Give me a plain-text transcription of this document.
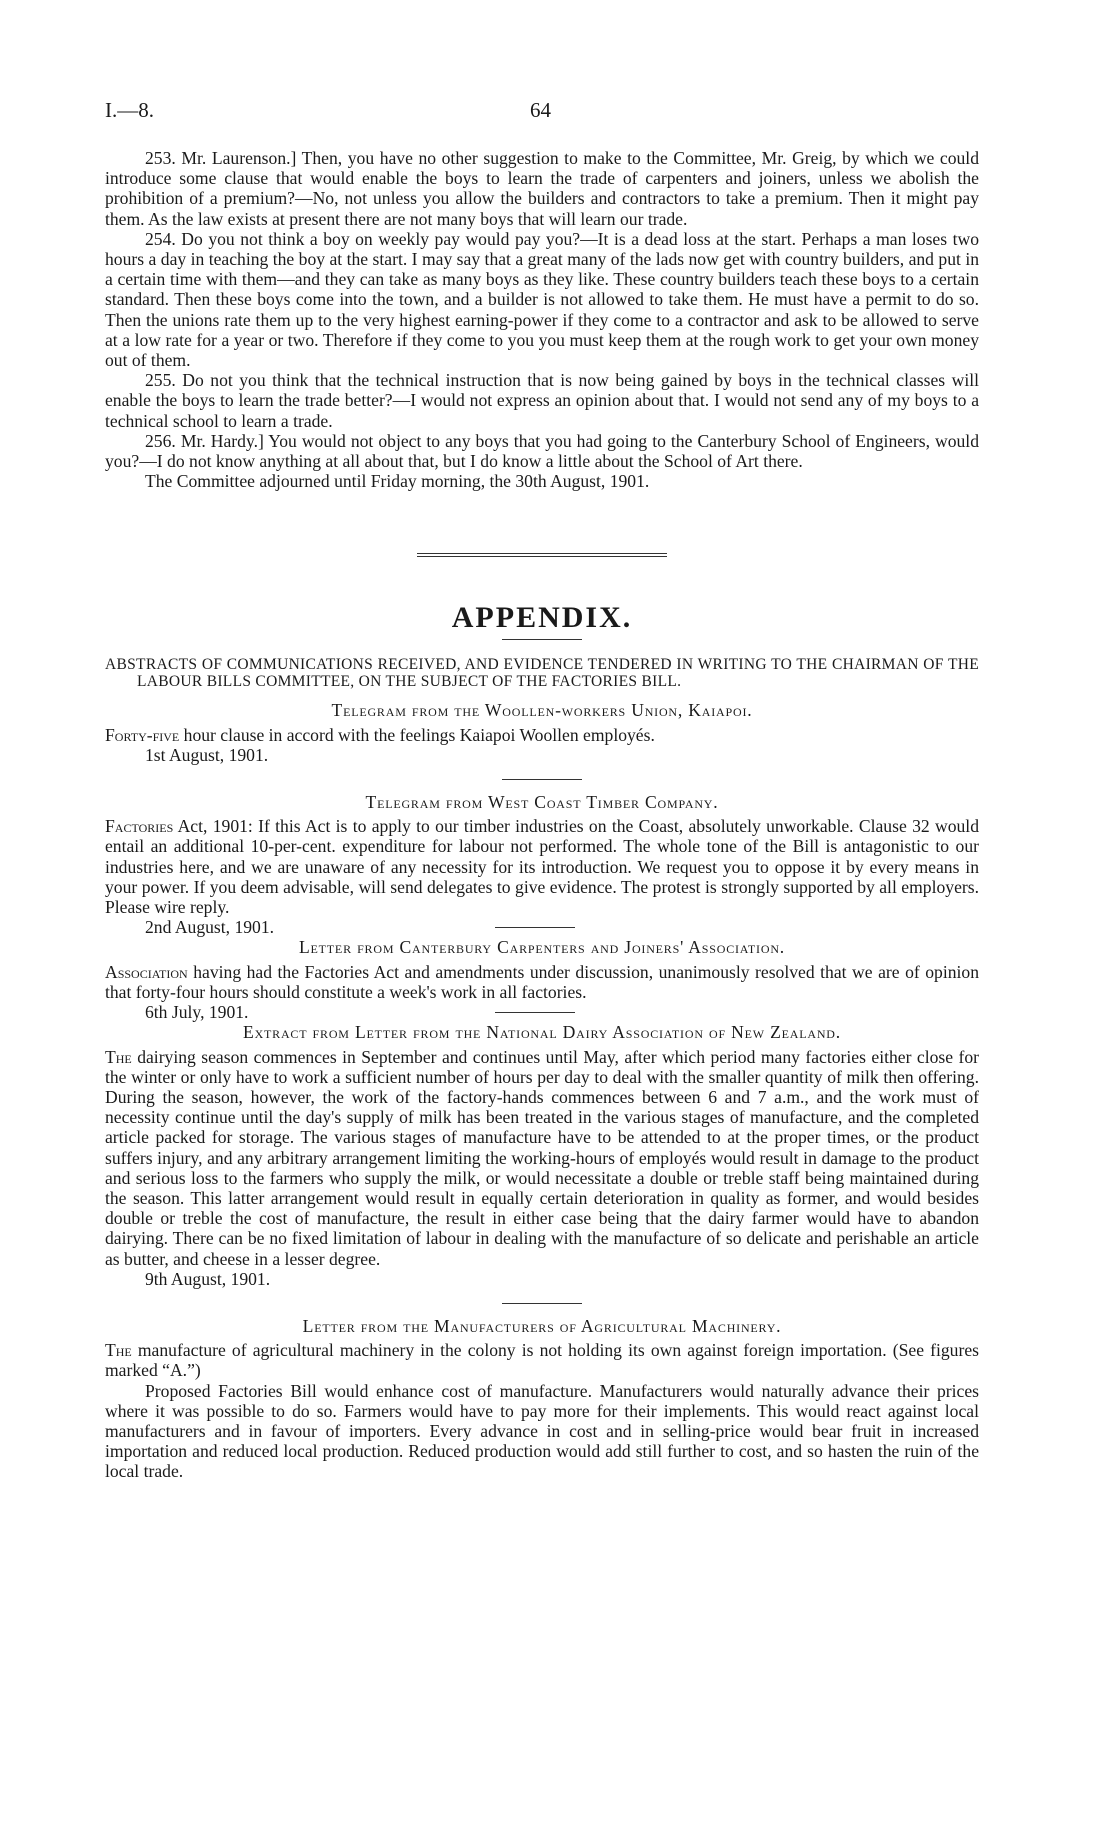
I.—8.	64

253. Mr. Laurenson.] Then, you have no other suggestion to make to the Committee, Mr. Greig, by which we could introduce some clause that would enable the boys to learn the trade of carpenters and joiners, unless we abolish the prohibition of a premium?—No, not unless you allow the builders and contractors to take a premium. Then it might pay them. As the law exists at present there are not many boys that will learn our trade.

254. Do you not think a boy on weekly pay would pay you?—It is a dead loss at the start. Perhaps a man loses two hours a day in teaching the boy at the start. I may say that a great many of the lads now get with country builders, and put in a certain time with them—and they can take as many boys as they like. These country builders teach these boys to a certain standard. Then these boys come into the town, and a builder is not allowed to take them. He must have a permit to do so. Then the unions rate them up to the very highest earning-power if they come to a contractor and ask to be allowed to serve at a low rate for a year or two. Therefore if they come to you you must keep them at the rough work to get your own money out of them.

255. Do not you think that the technical instruction that is now being gained by boys in the technical classes will enable the boys to learn the trade better?—I would not express an opinion about that. I would not send any of my boys to a technical school to learn a trade.

256. Mr. Hardy.] You would not object to any boys that you had going to the Canterbury School of Engineers, would you?—I do not know anything at all about that, but I do know a little about the School of Art there.

The Committee adjourned until Friday morning, the 30th August, 1901.

APPENDIX.

ABSTRACTS OF COMMUNICATIONS RECEIVED, AND EVIDENCE TENDERED IN WRITING TO THE CHAIRMAN OF THE LABOUR BILLS COMMITTEE, ON THE SUBJECT OF THE FACTORIES BILL.

Telegram from the Woollen-workers Union, Kaiapoi.

Forty-five hour clause in accord with the feelings Kaiapoi Woollen employés.

1st August, 1901.

Telegram from West Coast Timber Company.

Factories Act, 1901: If this Act is to apply to our timber industries on the Coast, absolutely unworkable. Clause 32 would entail an additional 10-per-cent. expenditure for labour not performed. The whole tone of the Bill is antagonistic to our industries here, and we are unaware of any necessity for its introduction. We request you to oppose it by every means in your power. If you deem advisable, will send delegates to give evidence. The protest is strongly supported by all employers. Please wire reply.

2nd August, 1901.

Letter from Canterbury Carpenters and Joiners' Association.

Association having had the Factories Act and amendments under discussion, unanimously resolved that we are of opinion that forty-four hours should constitute a week's work in all factories.

6th July, 1901.

Extract from Letter from the National Dairy Association of New Zealand.

The dairying season commences in September and continues until May, after which period many factories either close for the winter or only have to work a sufficient number of hours per day to deal with the smaller quantity of milk then offering. During the season, however, the work of the factory-hands commences between 6 and 7 a.m., and the work must of necessity continue until the day's supply of milk has been treated in the various stages of manufacture, and the completed article packed for storage. The various stages of manufacture have to be attended to at the proper times, or the product suffers injury, and any arbitrary arrangement limiting the working-hours of employés would result in damage to the product and serious loss to the farmers who supply the milk, or would necessitate a double or treble staff being maintained during the season. This latter arrangement would result in equally certain deterioration in quality as former, and would besides double or treble the cost of manufacture, the result in either case being that the dairy farmer would have to abandon dairying. There can be no fixed limitation of labour in dealing with the manufacture of so delicate and perishable an article as butter, and cheese in a lesser degree.

9th August, 1901.

Letter from the Manufacturers of Agricultural Machinery.

The manufacture of agricultural machinery in the colony is not holding its own against foreign importation. (See figures marked “A.”)

Proposed Factories Bill would enhance cost of manufacture. Manufacturers would naturally advance their prices where it was possible to do so. Farmers would have to pay more for their implements. This would react against local manufacturers and in favour of importers. Every advance in cost and in selling-price would bear fruit in increased importation and reduced local production. Reduced production would add still further to cost, and so hasten the ruin of the local trade.
